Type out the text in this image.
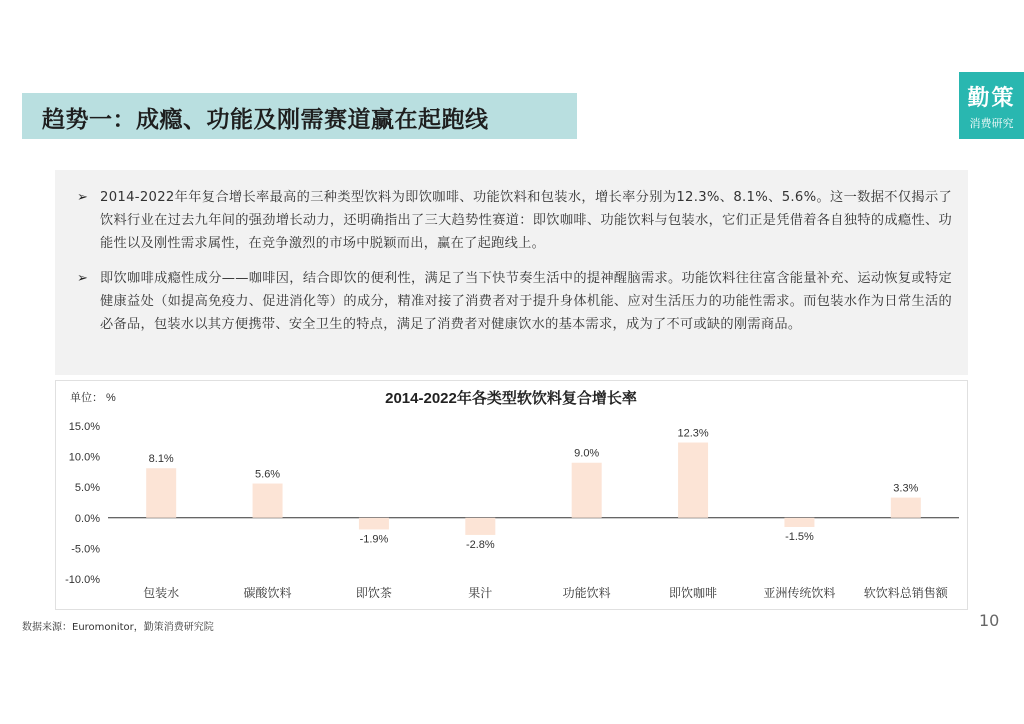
趋势一：成瘾、功能及刚需赛道赢在起跑线
勤策
消费研究
➢ 2014-2022年年复合增长率最高的三种类型饮料为即饮咖啡、功能饮料和包装水，增长率分别为12.3%、8.1%、5.6%。这一数据不仅揭示了饮料行业在过去九年间的强劲增长动力，还明确指出了三大趋势性赛道：即饮咖啡、功能饮料与包装水，它们正是凭借着各自独特的成瘾性、功能性以及刚性需求属性，在竞争激烈的市场中脱颖而出，赢在了起跑线上。
➢ 即饮咖啡成瘾性成分——咖啡因，结合即饮的便利性，满足了当下快节奏生活中的提神醒脑需求。功能饮料往往富含能量补充、运动恢复或特定健康益处（如提高免疫力、促进消化等）的成分，精准对接了消费者对于提升身体机能、应对生活压力的功能性需求。而包装水作为日常生活的必备品，包装水以其方便携带、安全卫生的特点，满足了消费者对健康饮水的基本需求，成为了不可或缺的刚需商品。
2014-2022年各类型软饮料复合增长率
单位： %
15.0%
10.0%
5.0%
0.0%
-5.0%
-10.0%
8.1%
包装水
5.6%
碳酸饮料
-1.9%
即饮茶
-2.8%
果汁
9.0%
功能饮料
12.3%
即饮咖啡
-1.5%
亚洲传统饮料
3.3%
软饮料总销售额
数据来源：Euromonitor，勤策消费研究院	10
